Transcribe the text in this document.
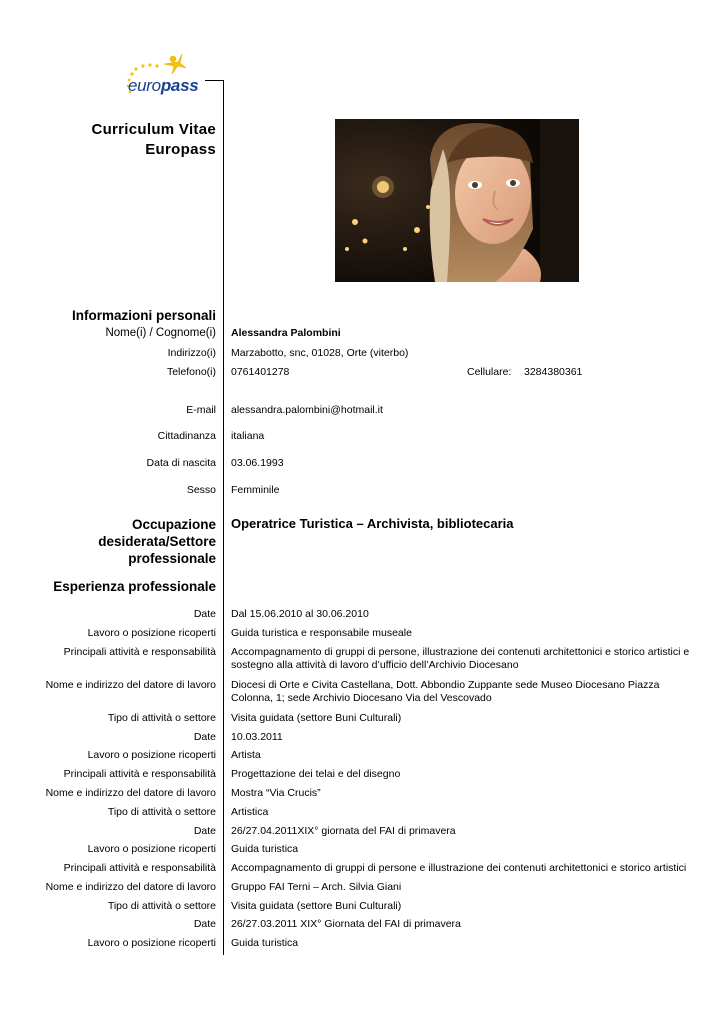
europass
Curriculum Vitae
Europass
Informazioni personali
Nome(i) / Cognome(i) Alessandra Palombini
Indirizzo(i) Marzabotto, snc, 01028, Orte (viterbo)
Telefono(i) 0761401278	Cellulare: 3284380361
E-mail alessandra.palombini@hotmail.it
Cittadinanza italiana
Data di nascita 03.06.1993
Sesso Femminile
Occupazione
desiderata/Settore
professionale
Operatrice Turistica – Archivista, bibliotecaria
Esperienza professionale
Date Dal 15.06.2010 al 30.06.2010
Lavoro o posizione ricoperti Guida turistica e responsabile museale
Principali attività e responsabilità Accompagnamento di gruppi di persone, illustrazione dei contenuti architettonici e storico artistici e sostegno alla attività di lavoro d’ufficio dell’Archivio Diocesano
Nome e indirizzo del datore di lavoro Diocesi di Orte e Civita Castellana, Dott. Abbondio Zuppante sede Museo Diocesano Piazza Colonna, 1; sede Archivio Diocesano Via del Vescovado
Tipo di attività o settore Visita guidata (settore Buni Culturali)
Date 10.03.2011
Lavoro o posizione ricoperti Artista
Principali attività e responsabilità Progettazione dei telai e del disegno
Nome e indirizzo del datore di lavoro Mostra “Via Crucis”
Tipo di attività o settore Artistica
Date 26/27.04.2011XIX° giornata del FAI di primavera
Lavoro o posizione ricoperti Guida turistica
Principali attività e responsabilità Accompagnamento di gruppi di persone e illustrazione dei contenuti architettonici e storico artistici
Nome e indirizzo del datore di lavoro Gruppo FAI Terni – Arch. Silvia Giani
Tipo di attività o settore Visita guidata (settore Buni Culturali)
Date 26/27.03.2011 XIX° Giornata del FAI di primavera
Lavoro o posizione ricoperti Guida turistica
